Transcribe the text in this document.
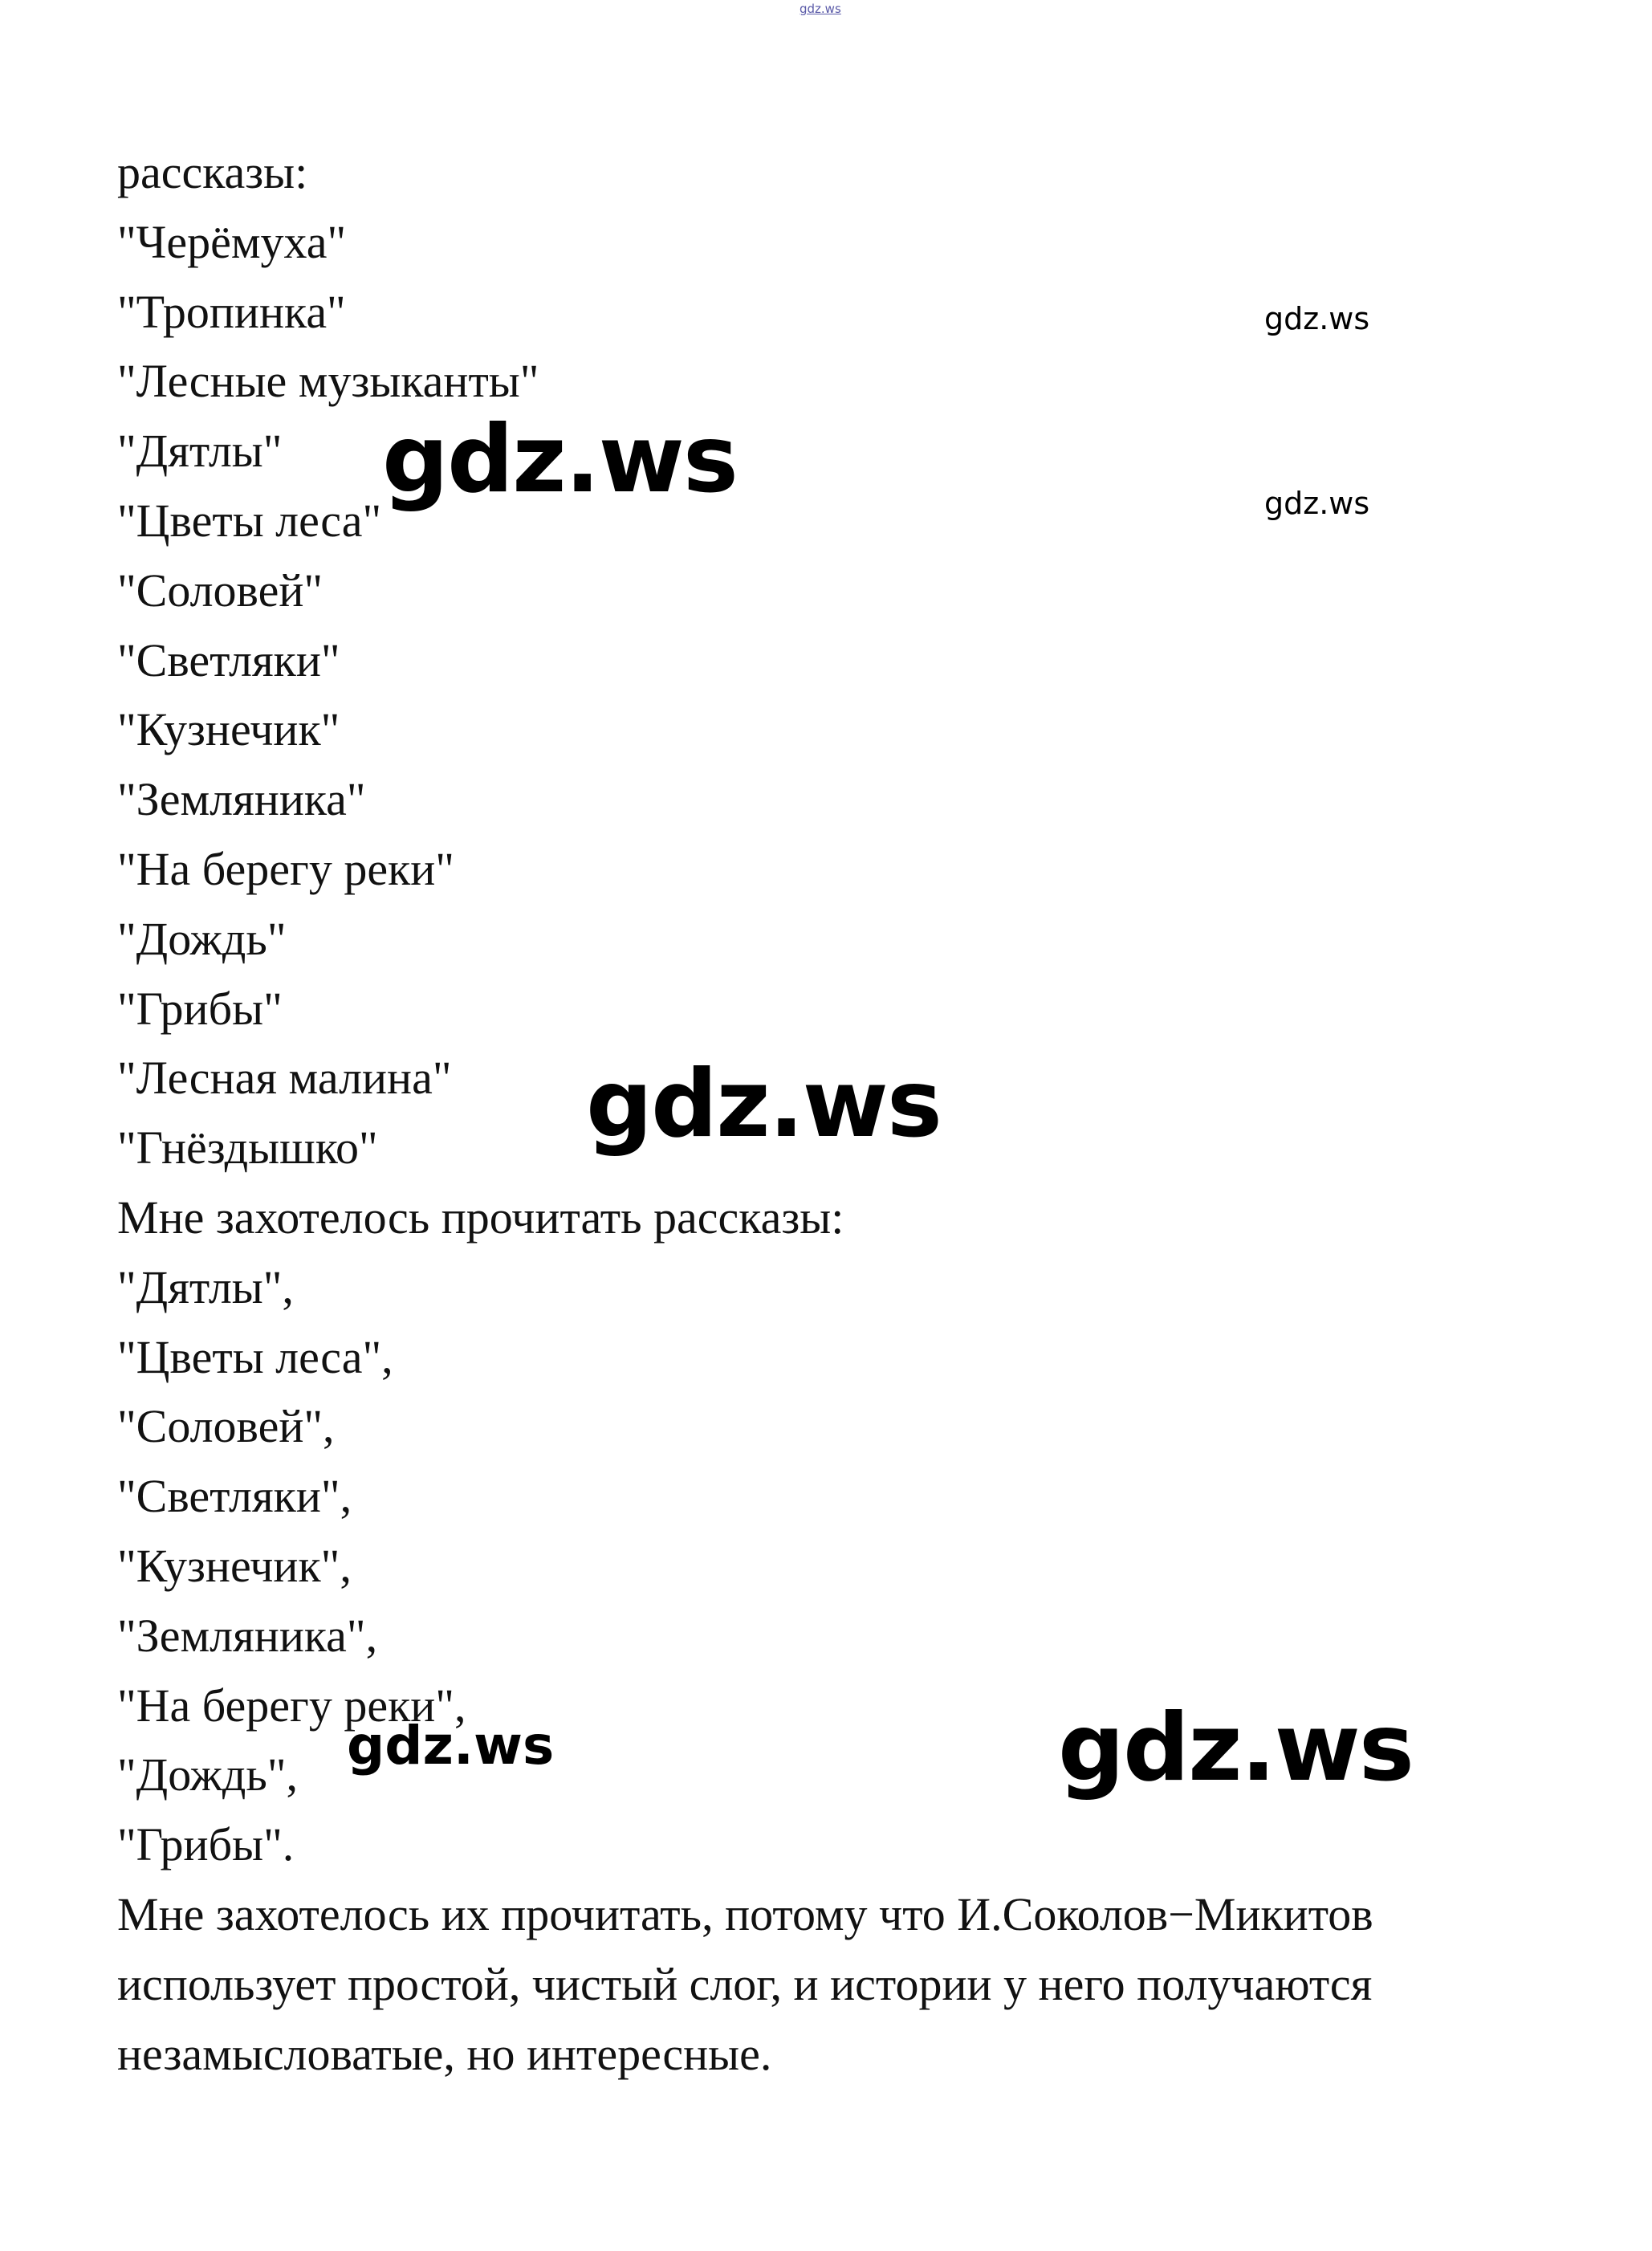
gdz.ws
рассказы:
"Черёмуха"
"Тропинка"
"Лесные музыканты"
"Дятлы"
"Цветы леса"
"Соловей"
"Светляки"
"Кузнечик"
"Земляника"
"На берегу реки"
"Дождь"
"Грибы"
"Лесная малина"
"Гнёздышко"
Мне захотелось прочитать рассказы:
"Дятлы",
"Цветы леса",
"Соловей",
"Светляки",
"Кузнечик",
"Земляника",
"На берегу реки",
"Дождь",
"Грибы".
Мне захотелось их прочитать, потому что И.Соколов−Микитов
использует простой, чистый слог, и истории у него получаются
незамысловатые, но интересные.
gdz.ws
gdz.ws
gdz.ws
gdz.ws
gdz.ws	gdz.ws
